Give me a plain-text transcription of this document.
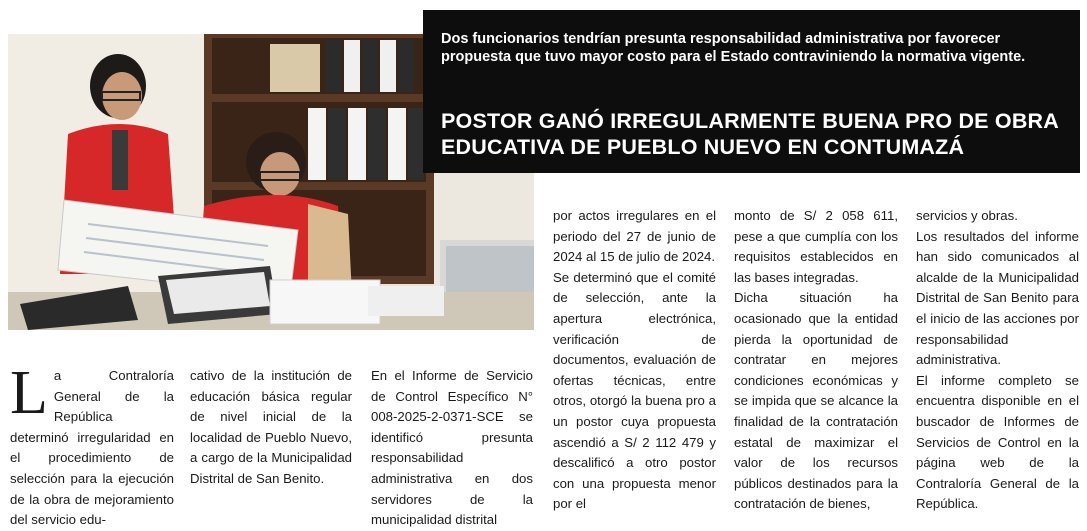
Dos funcionarios tendrían presunta responsabilidad administrativa por favorecer propuesta que tuvo mayor costo para el Estado contraviniendo la normativa vigente.
POSTOR GANÓ IRREGULARMENTE BUENA PRO DE OBRA
EDUCATIVA DE PUEBLO NUEVO EN CONTUMAZÁ
L a Contraloría General de la República determinó irregularidad en el procedimiento de selección para la ejecución de la obra de mejoramiento del servicio edu-

cativo de la institución de educación básica regular de nivel inicial de la localidad de Pueblo Nuevo, a cargo de la Municipalidad Distrital de San Benito.

En el Informe de Servicio de Control Específico N° 008-2025-2-0371-SCE se identificó presunta responsabilidad administrativa en dos servidores de la municipalidad distrital

por actos irregulares en el periodo del 27 de junio de 2024 al 15 de julio de 2024.

Se determinó que el comité de selección, ante la apertura electrónica, verificación de documentos, evaluación de ofertas técnicas, entre otros, otorgó la buena pro a un postor cuya propuesta ascendió a S/ 2 112 479 y descalificó a otro postor con una propuesta menor por el

monto de S/ 2 058 611, pese a que cumplía con los requisitos establecidos en las bases integradas.

Dicha situación ha ocasionado que la entidad pierda la oportunidad de contratar en mejores condiciones económicas y se impida que se alcance la finalidad de la contratación estatal de maximizar el valor de los recursos públicos destinados para la contratación de bienes,

servicios y obras.

Los resultados del informe han sido comunicados al alcalde de la Municipalidad Distrital de San Benito para el inicio de las acciones por responsabilidad administrativa.

El informe completo se encuentra disponible en el buscador de Informes de Servicios de Control en la página web de la Contraloría General de la República.
